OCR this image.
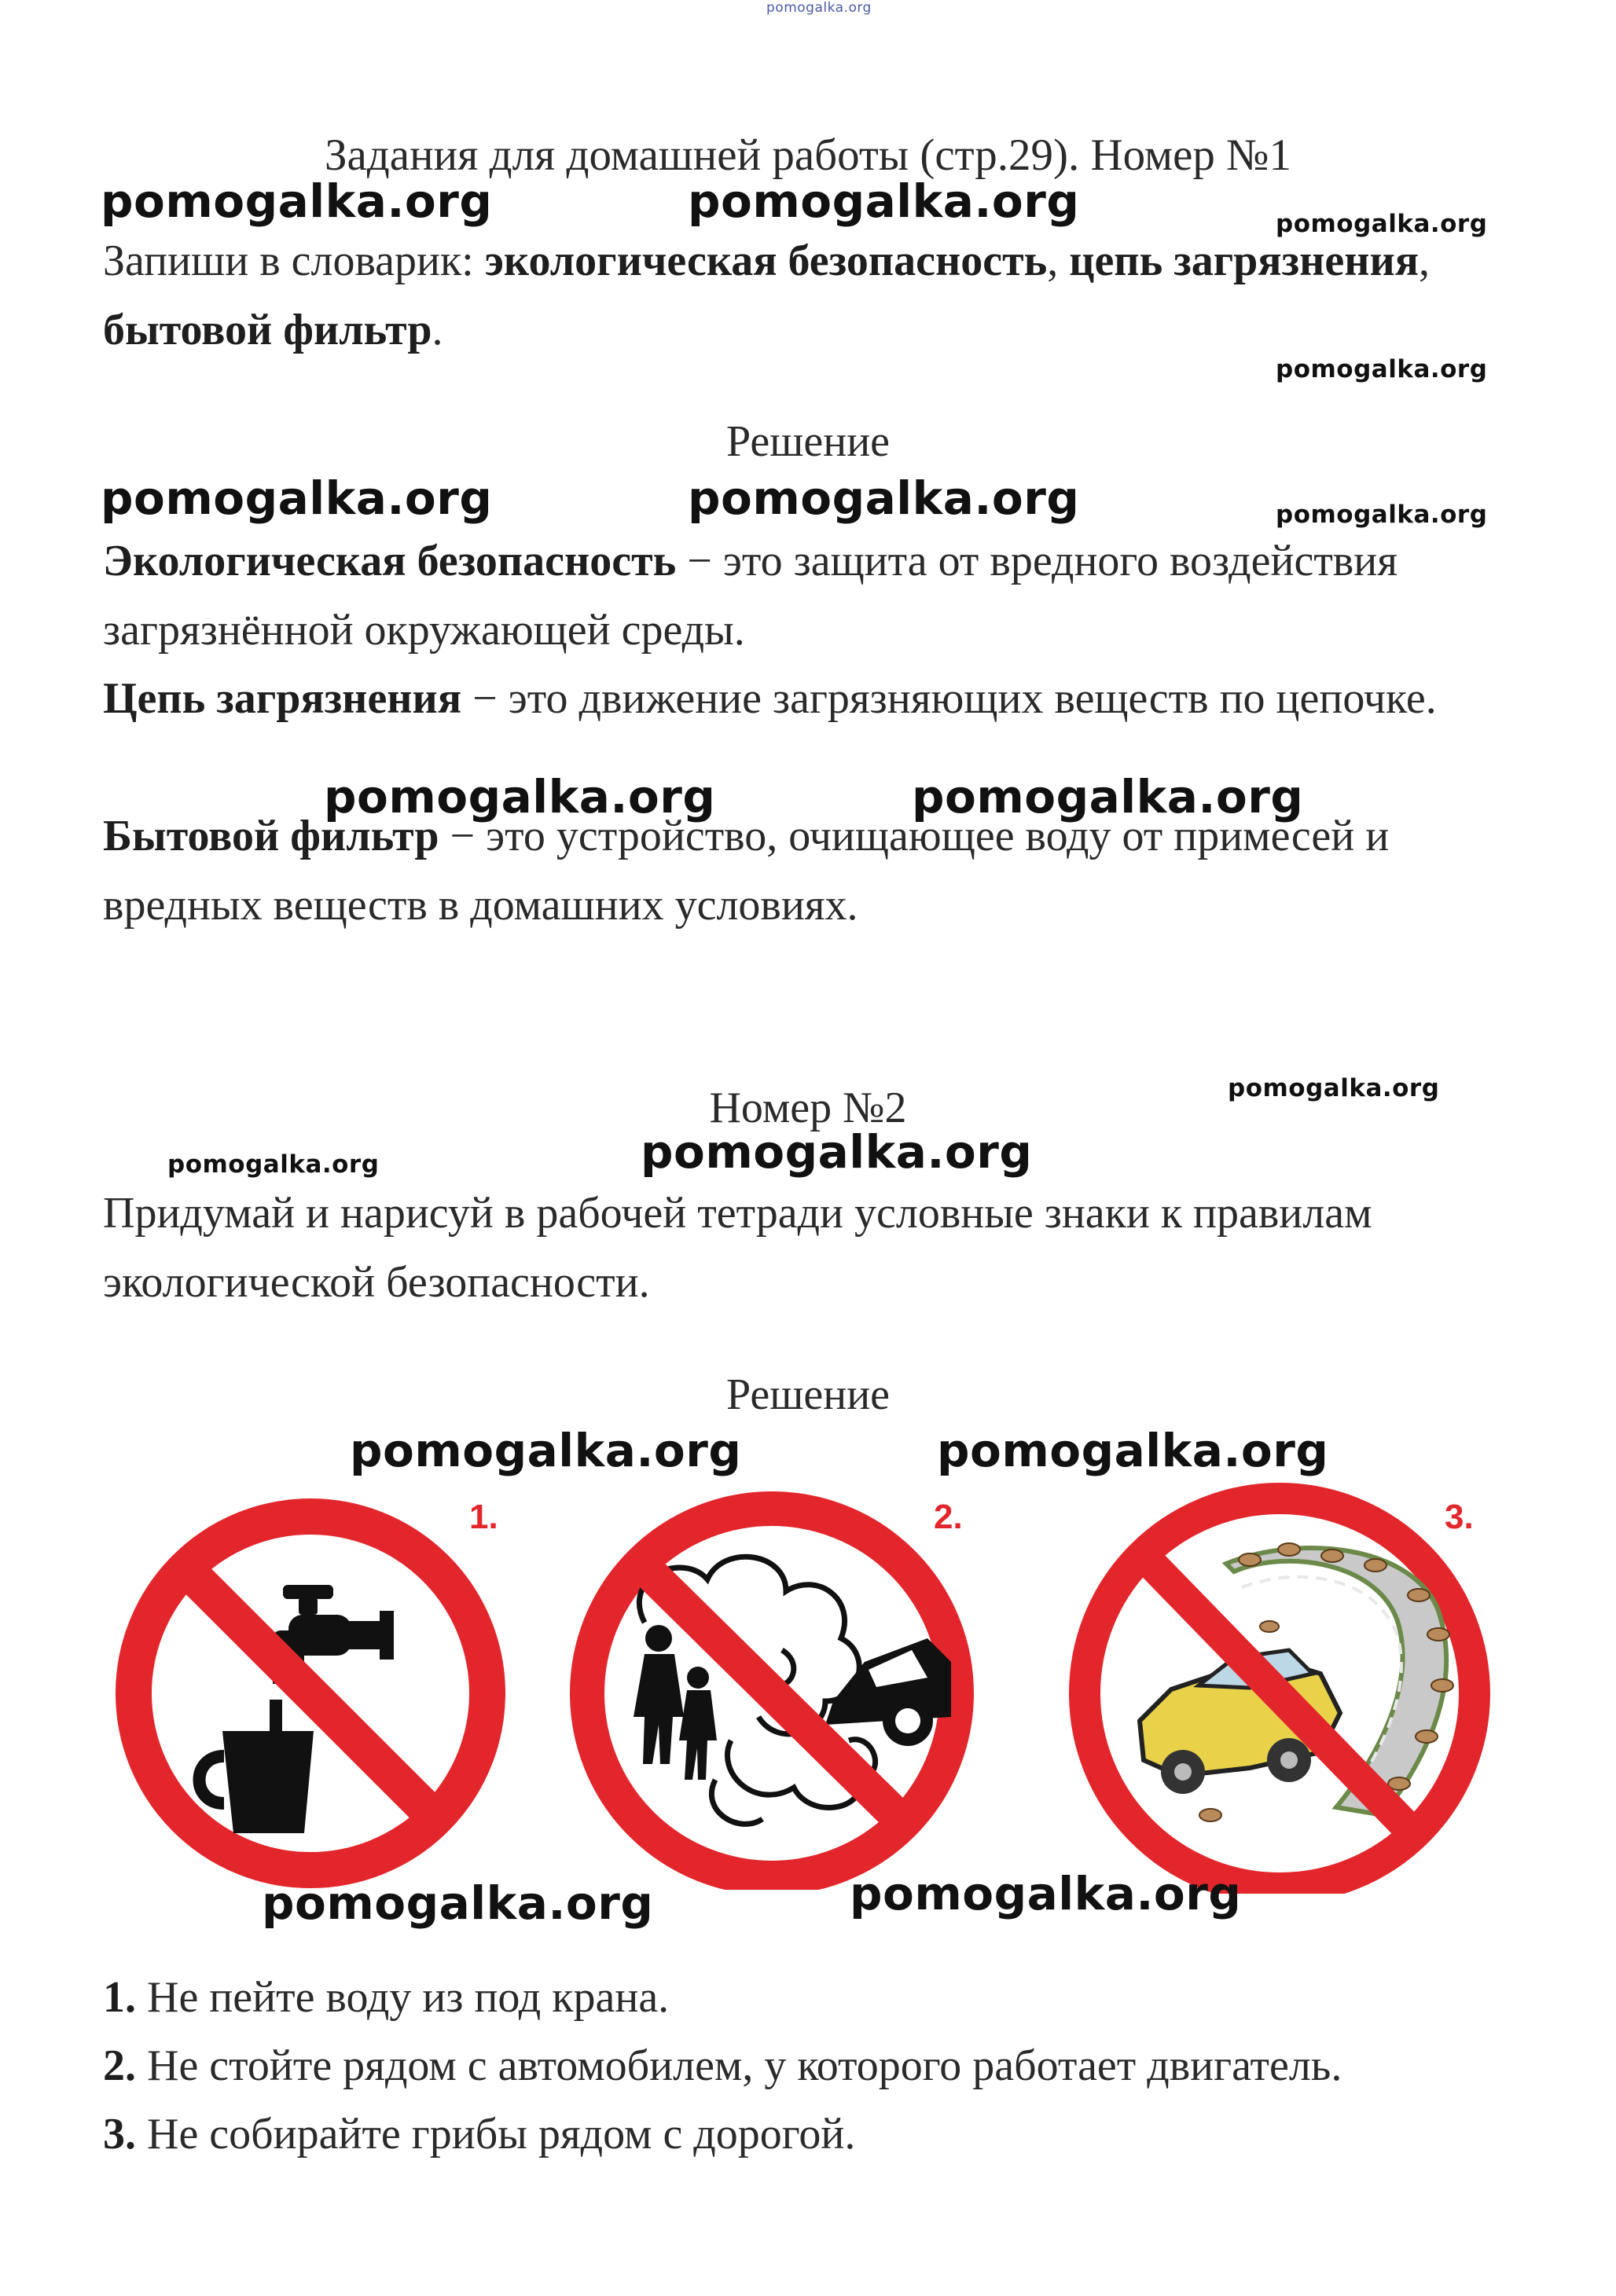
pomogalka.org
Задания для домашней работы (стр.29). Номер №1
pomogalka.org	pomogalka.org	pomogalka.org

Запиши в словарик: экологическая безопасность, цепь загрязнения, бытовой фильтр.

pomogalka.org
Решение
pomogalka.org	pomogalka.org	pomogalka.org

Экологическая безопасность − это защита от вредного воздействия загрязнённой окружающей среды.

Цепь загрязнения − это движение загрязняющих веществ по цепочке.

Бытовой фильтр − это устройство, очищающее воду от примесей и вредных веществ в домашних условиях.

pomogalka.org	pomogalka.org
pomogalka.org
Номер №2
pomogalka.org	pomogalka.org

Придумай и нарисуй в рабочей тетради условные знаки к правилам экологической безопасности.

Решение
pomogalka.org	pomogalka.org
1.	2.	3.
pomogalka.org	pomogalka.org

1. Не пейте воду из под крана.

2. Не стойте рядом с автомобилем, у которого работает двигатель.

3. Не собирайте грибы рядом с дорогой.
